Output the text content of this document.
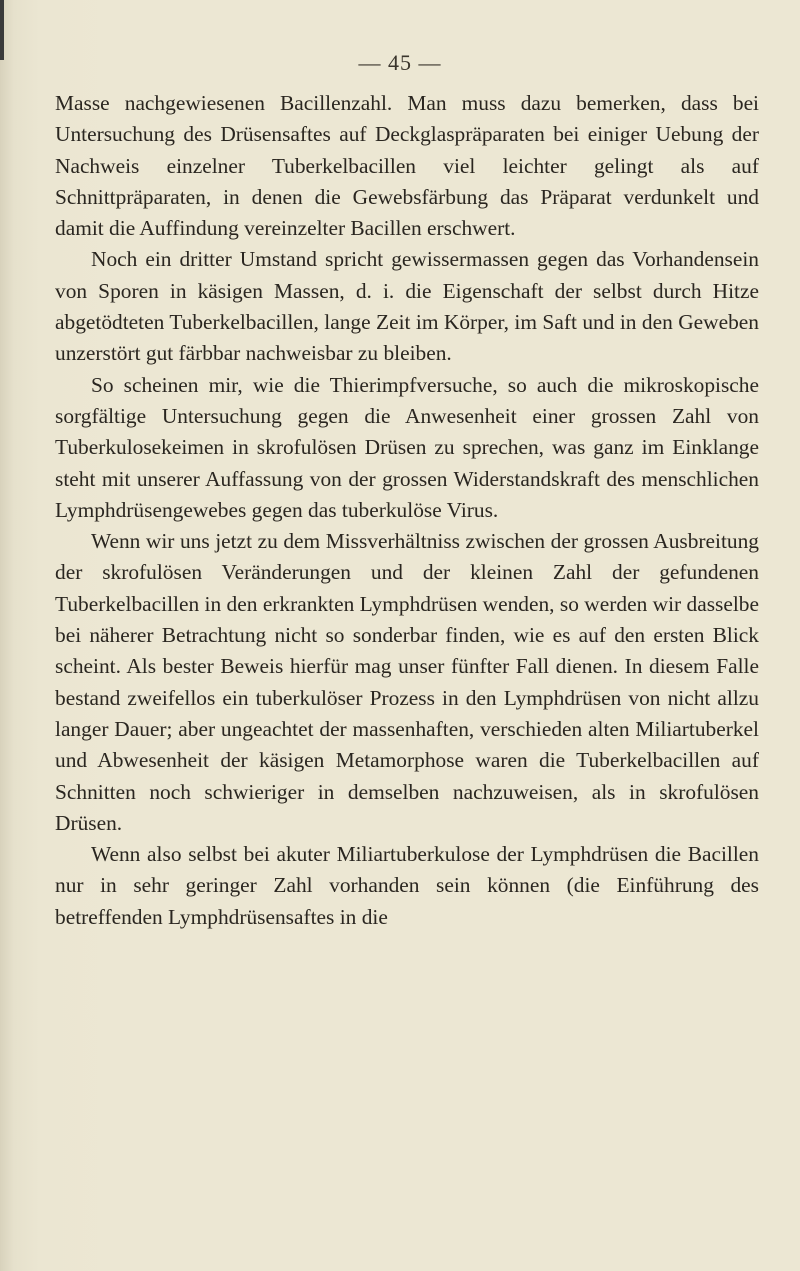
— 45 —

Masse nachgewiesenen Bacillenzahl. Man muss dazu bemerken, dass bei Untersuchung des Drüsensaftes auf Deckglaspräparaten bei einiger Uebung der Nachweis einzelner Tuberkelbacillen viel leichter gelingt als auf Schnittpräparaten, in denen die Gewebsfärbung das Präparat verdunkelt und damit die Auffindung vereinzelter Bacillen erschwert.

Noch ein dritter Umstand spricht gewissermassen gegen das Vorhandensein von Sporen in käsigen Massen, d. i. die Eigenschaft der selbst durch Hitze abgetödteten Tuberkelbacillen, lange Zeit im Körper, im Saft und in den Geweben unzerstört gut färbbar nachweisbar zu bleiben.

So scheinen mir, wie die Thierimpfversuche, so auch die mikroskopische sorgfältige Untersuchung gegen die Anwesenheit einer grossen Zahl von Tuberkulosekeimen in skrofulösen Drüsen zu sprechen, was ganz im Einklange steht mit unserer Auffassung von der grossen Widerstandskraft des menschlichen Lymphdrüsengewebes gegen das tuberkulöse Virus.

Wenn wir uns jetzt zu dem Missverhältniss zwischen der grossen Ausbreitung der skrofulösen Veränderungen und der kleinen Zahl der gefundenen Tuberkelbacillen in den erkrankten Lymphdrüsen wenden, so werden wir dasselbe bei näherer Betrachtung nicht so sonderbar finden, wie es auf den ersten Blick scheint. Als bester Beweis hierfür mag unser fünfter Fall dienen. In diesem Falle bestand zweifellos ein tuberkulöser Prozess in den Lymphdrüsen von nicht allzu langer Dauer; aber ungeachtet der massenhaften, verschieden alten Miliartuberkel und Abwesenheit der käsigen Metamorphose waren die Tuberkelbacillen auf Schnitten noch schwieriger in demselben nachzuweisen, als in skrofulösen Drüsen.

Wenn also selbst bei akuter Miliartuberkulose der Lymphdrüsen die Bacillen nur in sehr geringer Zahl vorhanden sein können (die Einführung des betreffenden Lymphdrüsensaftes in die
